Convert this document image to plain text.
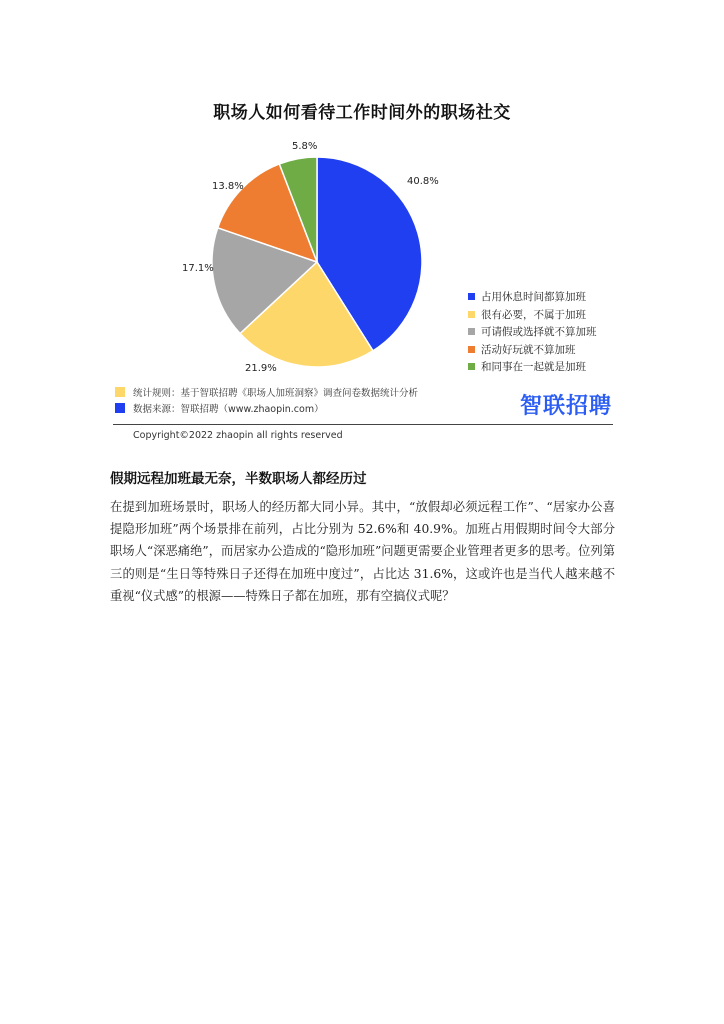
职场人如何看待工作时间外的职场社交
40.8%
21.9%
17.1%
13.8%
5.8%
占用休息时间都算加班
很有必要，不属于加班
可请假或选择就不算加班
活动好玩就不算加班
和同事在一起就是加班
统计规则：基于智联招聘《职场人加班洞察》调查问卷数据统计分析
数据来源：智联招聘（www.zhaopin.com）	智联招聘
Copyright©2022 zhaopin all rights reserved
假期远程加班最无奈，半数职场人都经历过
在提到加班场景时，职场人的经历都大同小异。其中，“放假却必须远程工作”、“居家办公喜提隐形加班”两个场景排在前列，占比分别为 52.6%和 40.9%。加班占用假期时间令大部分职场人“深恶痛绝”，而居家办公造成的“隐形加班”问题更需要企业管理者更多的思考。位列第三的则是“生日等特殊日子还得在加班中度过”，占比达 31.6%，这或许也是当代人越来越不重视“仪式感”的根源——特殊日子都在加班，那有空搞仪式呢？
